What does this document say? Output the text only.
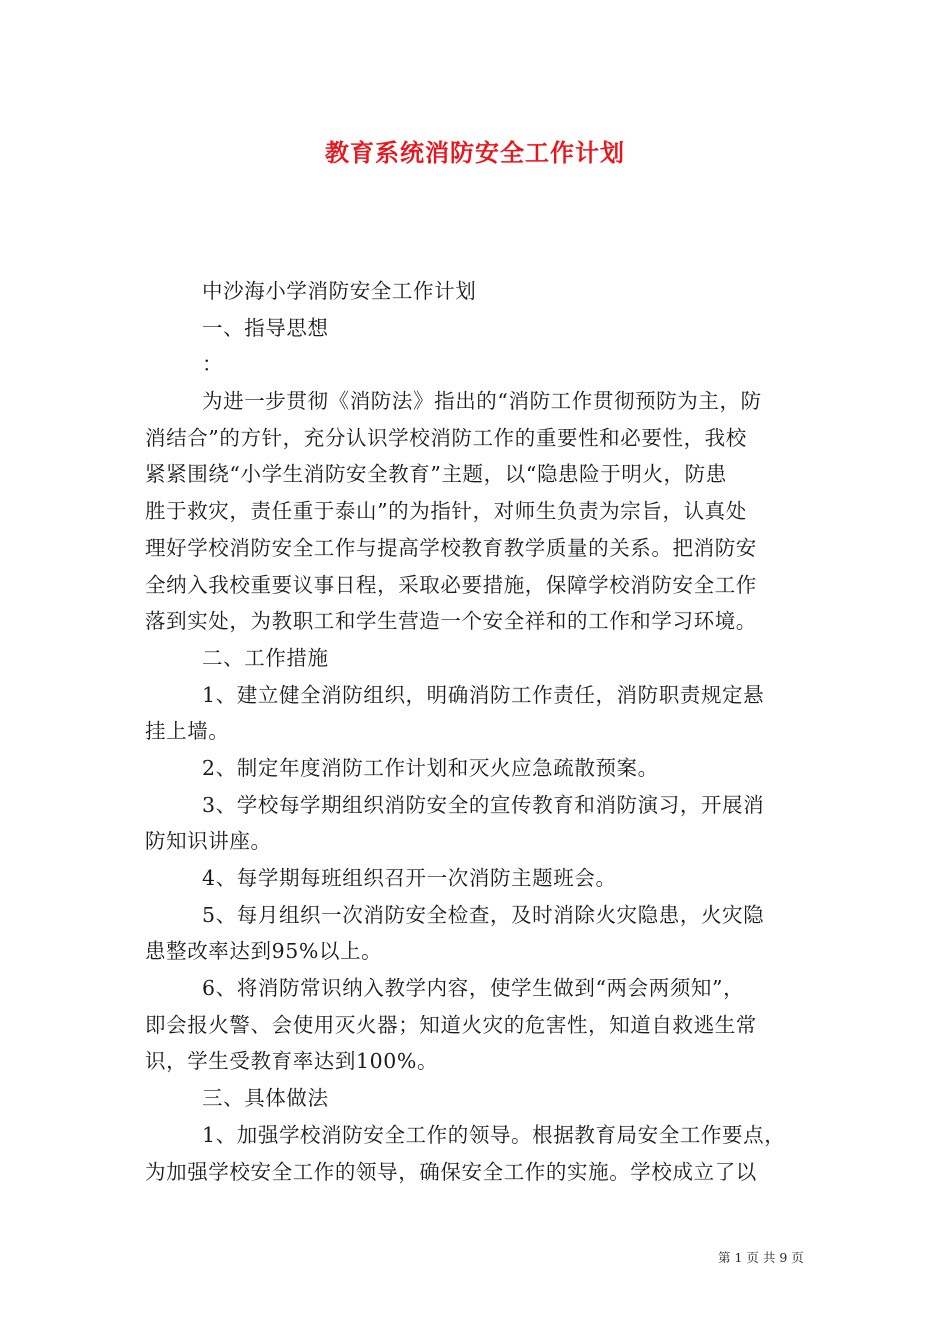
教育系统消防安全工作计划
中沙海小学消防安全工作计划
一、指导思想
：
为进一步贯彻《消防法》指出的“消防工作贯彻预防为主，防
消结合”的方针，充分认识学校消防工作的重要性和必要性，我校
紧紧围绕“小学生消防安全教育”主题，以“隐患险于明火，防患
胜于救灾，责任重于泰山”的为指针，对师生负责为宗旨，认真处
理好学校消防安全工作与提高学校教育教学质量的关系。把消防安
全纳入我校重要议事日程，采取必要措施，保障学校消防安全工作
落到实处，为教职工和学生营造一个安全祥和的工作和学习环境。
二、工作措施
1、建立健全消防组织，明确消防工作责任，消防职责规定悬
挂上墙。
2、制定年度消防工作计划和灭火应急疏散预案。
3、学校每学期组织消防安全的宣传教育和消防演习，开展消
防知识讲座。
4、每学期每班组织召开一次消防主题班会。
5、每月组织一次消防安全检查，及时消除火灾隐患，火灾隐
患整改率达到95%以上。
6、将消防常识纳入教学内容，使学生做到“两会两须知”，
即会报火警、会使用灭火器；知道火灾的危害性，知道自救逃生常
识，学生受教育率达到100%。
三、具体做法
1、加强学校消防安全工作的领导。根据教育局安全工作要点，
为加强学校安全工作的领导，确保安全工作的实施。学校成立了以
第 1 页 共 9 页
